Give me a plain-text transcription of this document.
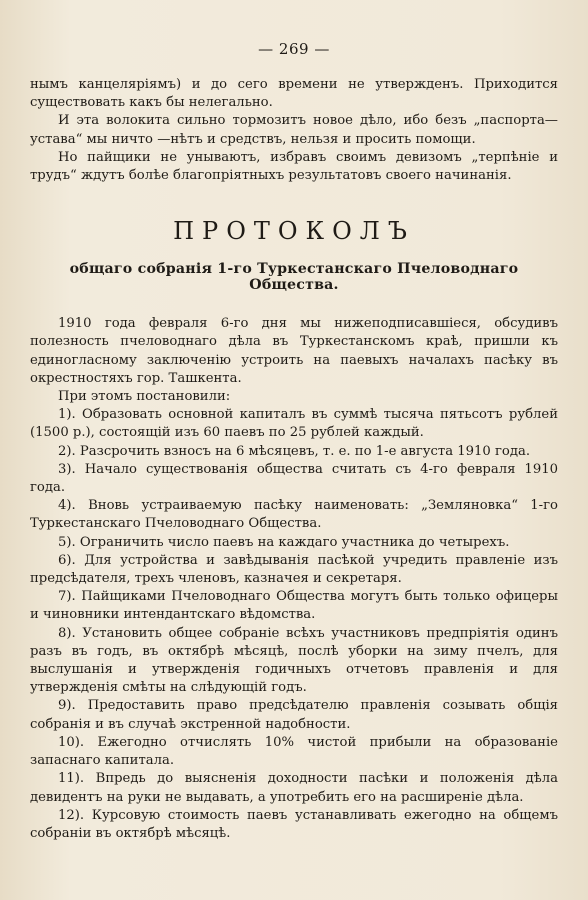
— 269 —

нымъ канцеляріямъ) и до сего времени не утвержденъ. Приходится существовать какъ бы нелегально.

И эта волокита сильно тормозитъ новое дѣло, ибо безъ „паспорта—устава“ мы ничто —нѣтъ и средствъ, нельзя и просить помощи.

Но пайщики не унываютъ, избравъ своимъ девизомъ „терпѣніе и трудъ“ ждутъ болѣе благопріятныхъ результатовъ своего начинанія.

ПРОТОКОЛЪ
общаго собранія 1-го Туркестанскаго Пчеловоднаго Общества.

1910 года февраля 6-го дня мы нижеподписавшіеся, обсудивъ полезность пчеловоднаго дѣла въ Туркестанскомъ краѣ, пришли къ единогласному заключенію устроить на паевыхъ началахъ пасѣку въ окрестностяхъ гор. Ташкента.

При этомъ постановили:

1). Образовать основной капиталъ въ суммѣ тысяча пятьсотъ рублей (1500 р.), состоящій изъ 60 паевъ по 25 рублей каждый.

2). Разсрочить взносъ на 6 мѣсяцевъ, т. е. по 1-е августа 1910 года.

3). Начало существованія общества считать съ 4-го февраля 1910 года.

4). Вновь устраиваемую пасѣку наименовать: „Земляновка“ 1-го Туркестанскаго Пчеловоднаго Общества.

5). Ограничить число паевъ на каждаго участника до четырехъ.

6). Для устройства и завѣдыванія пасѣкой учредить правленіе изъ предсѣдателя, трехъ членовъ, казначея и секретаря.

7). Пайщиками Пчеловоднаго Общества могутъ быть только офицеры и чиновники интендантскаго вѣдомства.

8). Установить общее собраніе всѣхъ участниковъ предпріятія одинъ разъ въ годъ, въ октябрѣ мѣсяцѣ, послѣ уборки на зиму пчелъ, для выслушанія и утвержденія годичныхъ отчетовъ правленія и для утвержденія смѣты на слѣдующій годъ.

9). Предоставить право предсѣдателю правленія созывать общія собранія и въ случаѣ экстренной надобности.

10). Ежегодно отчислять 10% чистой прибыли на образованіе запаснаго капитала.

11). Впредь до выясненія доходности пасѣки и положенія дѣла девидентъ на руки не выдавать, а употребить его на расширеніе дѣла.

12). Курсовую стоимость паевъ устанавливать ежегодно на общемъ собраніи въ октябрѣ мѣсяцѣ.
